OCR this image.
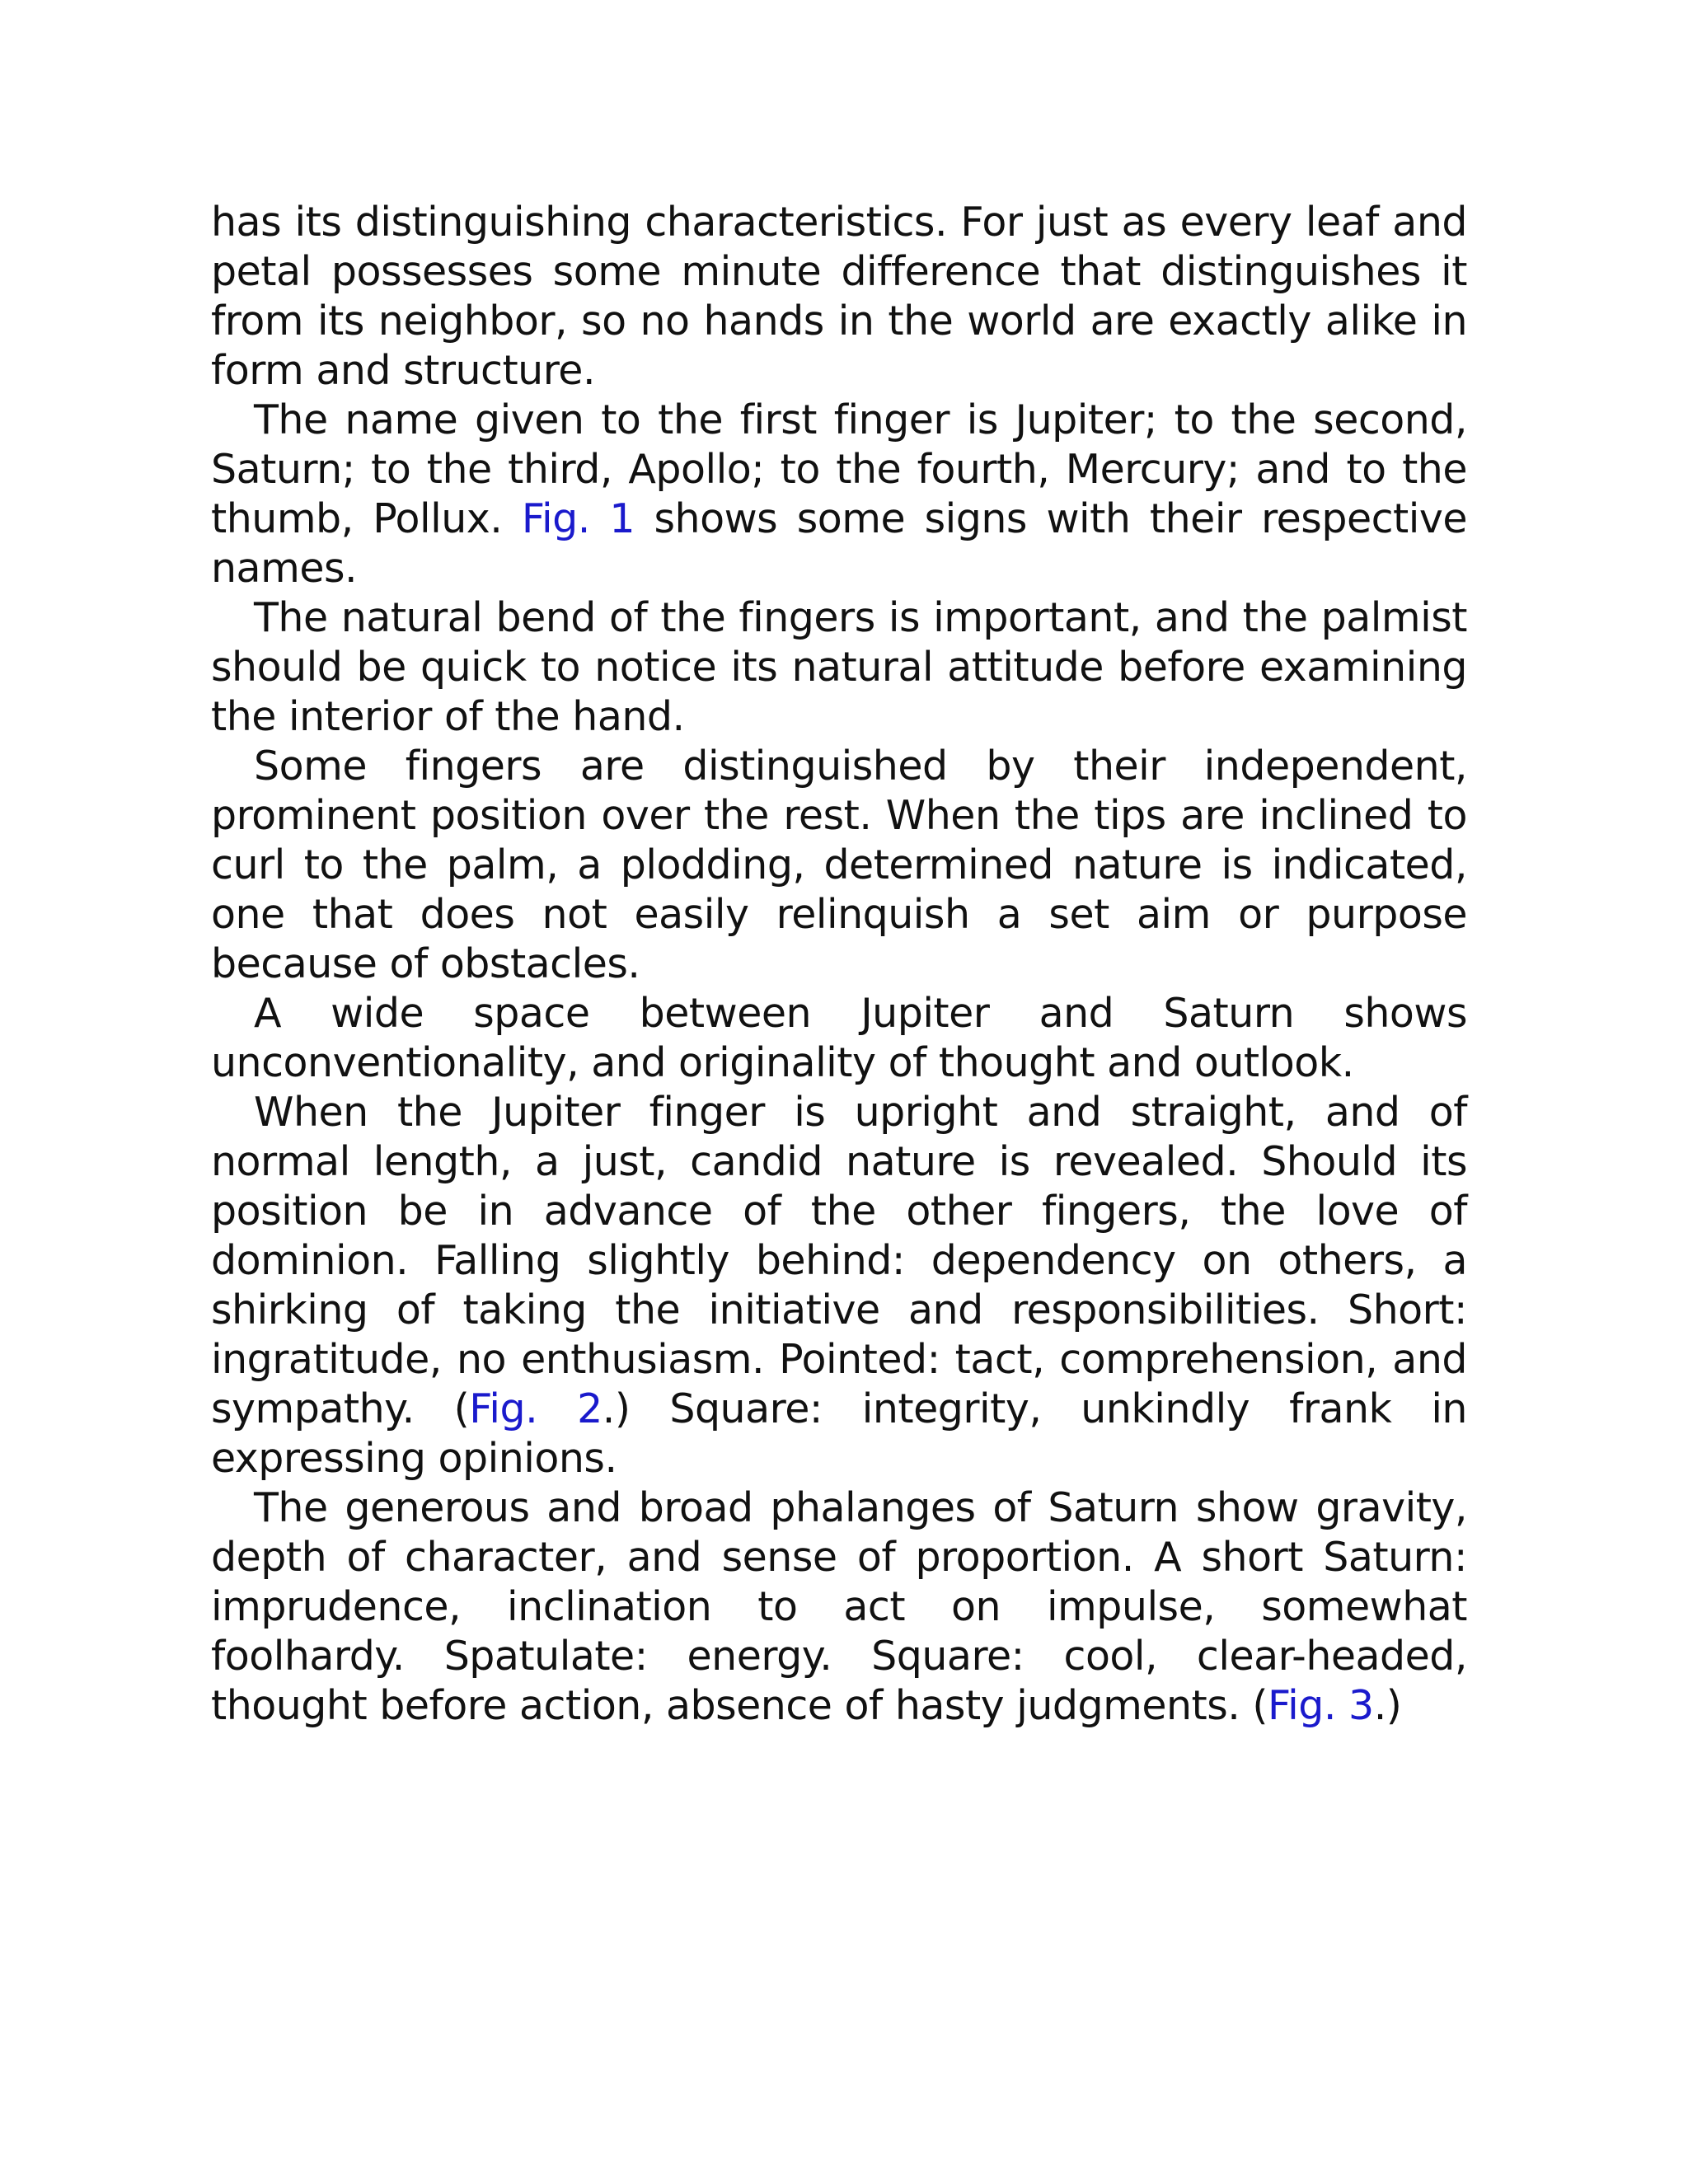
has its distinguishing characteristics. For just as every leaf and petal possesses some minute difference that distinguishes it from its neighbor, so no hands in the world are exactly alike in form and structure.

The name given to the first finger is Jupiter; to the second, Saturn; to the third, Apollo; to the fourth, Mercury; and to the thumb, Pollux. Fig. 1 shows some signs with their respective names.

The natural bend of the fingers is important, and the palmist should be quick to notice its natural attitude before examining the interior of the hand.

Some fingers are distinguished by their independent, prominent position over the rest. When the tips are inclined to curl to the palm, a plodding, determined nature is indicated, one that does not easily relinquish a set aim or purpose because of obstacles.

A wide space between Jupiter and Saturn shows unconventionality, and originality of thought and outlook.

When the Jupiter finger is upright and straight, and of normal length, a just, candid nature is revealed. Should its position be in advance of the other fingers, the love of dominion. Falling slightly behind: dependency on others, a shirking of taking the initiative and responsibilities. Short: ingratitude, no enthusiasm. Pointed: tact, comprehension, and sympathy. (Fig. 2.) Square: integrity, unkindly frank in expressing opinions.

The generous and broad phalanges of Saturn show gravity, depth of character, and sense of proportion. A short Saturn: imprudence, inclination to act on impulse, somewhat foolhardy. Spatulate: energy. Square: cool, clear-headed, thought before action, absence of hasty judgments. (Fig. 3.)
